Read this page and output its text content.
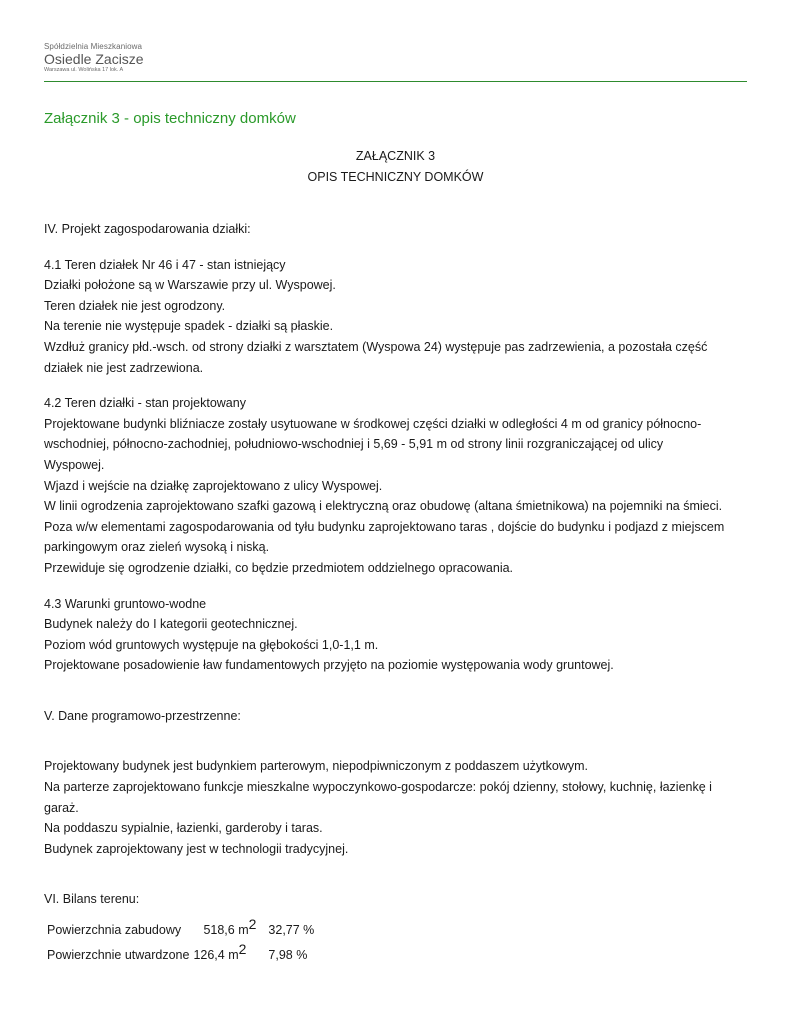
Spółdzielnia Mieszkaniowa
Osiedle Zacisze
Warszawa ul. Wolińska 17 lok. A
Załącznik 3 - opis techniczny domków
ZAŁĄCZNIK 3
OPIS TECHNICZNY DOMKÓW

IV. Projekt zagospodarowania działki:

4.1 Teren działek Nr 46 i 47 - stan istniejący

Działki położone są w Warszawie przy ul. Wyspowej.

Teren działek nie jest ogrodzony.

Na terenie nie występuje spadek - działki są płaskie.

Wzdłuż granicy płd.-wsch. od strony działki z warsztatem (Wyspowa 24) występuje pas zadrzewienia, a pozostała część

działek nie jest zadrzewiona.

4.2 Teren działki - stan projektowany

Projektowane budynki bliźniacze zostały usytuowane w środkowej części działki w odległości 4 m od granicy północno-

wschodniej, północno-zachodniej, południowo-wschodniej i 5,69 - 5,91 m od strony linii rozgraniczającej od ulicy

Wyspowej.

Wjazd i wejście na działkę zaprojektowano z ulicy Wyspowej.

W linii ogrodzenia zaprojektowano szafki gazową i elektryczną oraz obudowę (altana śmietnikowa) na pojemniki na śmieci.

Poza w/w elementami zagospodarowania od tyłu budynku zaprojektowano taras , dojście do budynku i podjazd z miejscem

parkingowym oraz zieleń wysoką i niską.

Przewiduje się ogrodzenie działki, co będzie przedmiotem oddzielnego opracowania.

4.3 Warunki gruntowo-wodne

Budynek należy do I kategorii geotechnicznej.

Poziom wód gruntowych występuje na głębokości 1,0-1,1 m.

Projektowane posadowienie ław fundamentowych przyjęto na poziomie występowania wody gruntowej.

V. Dane programowo-przestrzenne:

Projektowany budynek jest budynkiem parterowym, niepodpiwniczonym z poddaszem użytkowym.

Na parterze zaprojektowano funkcje mieszkalne wypoczynkowo-gospodarcze: pokój dzienny, stołowy, kuchnię, łazienkę i

garaż.

Na poddaszu sypialnie, łazienki, garderoby i taras.

Budynek zaprojektowany jest w technologii tradycyjnej.

VI. Bilans terenu:

Powierzchnia zabudowy	518,6 $m^2$	32,77 %
Powierzchnie utwardzone	126,4 $m^2$	7,98 %
